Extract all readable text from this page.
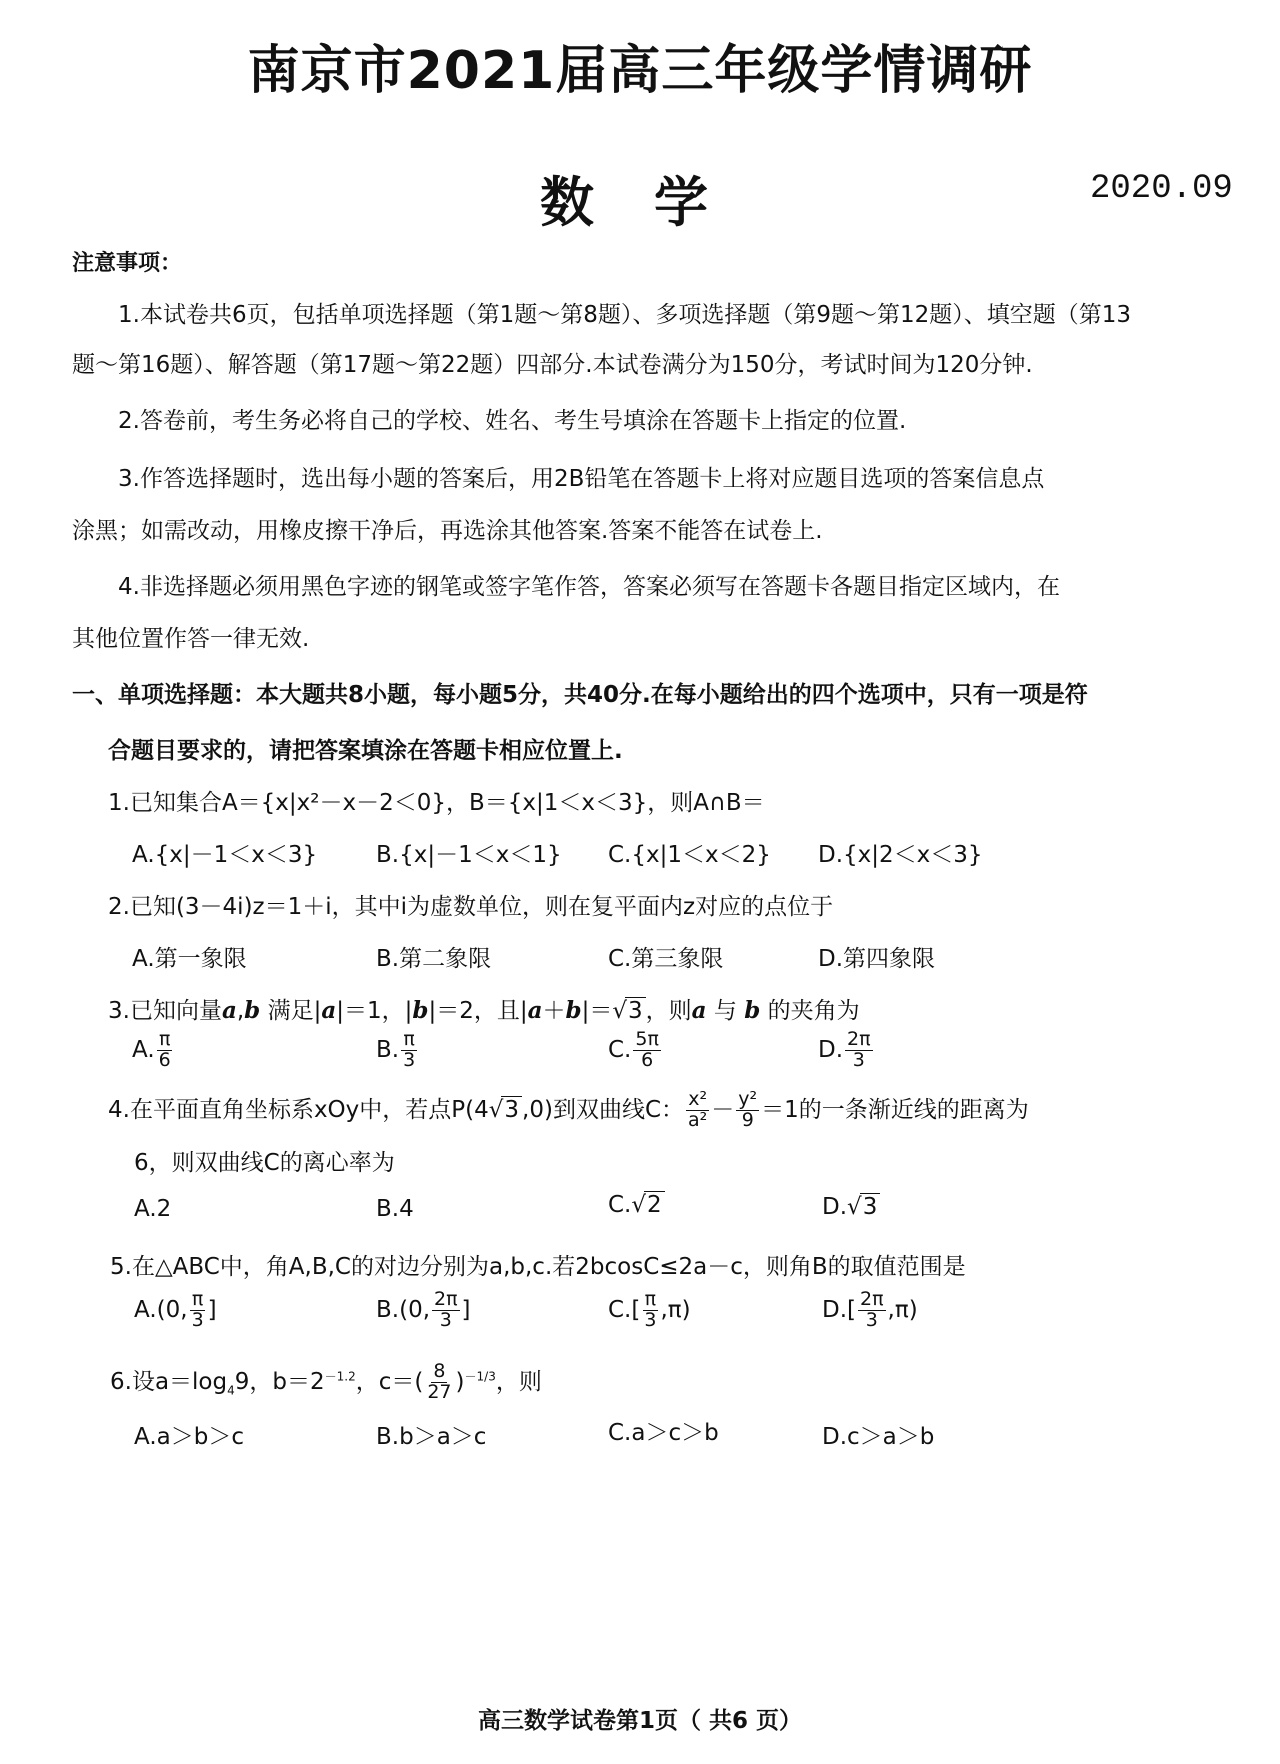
南京市2021届高三年级学情调研
数学	2020.09
注意事项：
1.本试卷共6页，包括单项选择题（第1题～第8题）、多项选择题（第9题～第12题）、填空题（第13
题～第16题）、解答题（第17题～第22题）四部分.本试卷满分为150分，考试时间为120分钟.
2.答卷前，考生务必将自己的学校、姓名、考生号填涂在答题卡上指定的位置.
3.作答选择题时，选出每小题的答案后，用2B铅笔在答题卡上将对应题目选项的答案信息点
涂黑；如需改动，用橡皮擦干净后，再选涂其他答案.答案不能答在试卷上.
4.非选择题必须用黑色字迹的钢笔或签字笔作答，答案必须写在答题卡各题目指定区域内，在
其他位置作答一律无效.
一、单项选择题：本大题共8小题，每小题5分，共40分.在每小题给出的四个选项中，只有一项是符
合题目要求的，请把答案填涂在答题卡相应位置上.
1.已知集合A＝{x|x²－x－2＜0}，B＝{x|1＜x＜3}，则A∩B＝
A.{x|－1＜x＜3}	B.{x|－1＜x＜1} C.{x|1＜x＜2} D.{x|2＜x＜3}
2.已知(3－4i)z＝1＋i，其中i为虚数单位，则在复平面内z对应的点位于
A.第一象限	B.第二象限	C.第三象限	D.第四象限
3.已知向量a,b 满足|a|＝1，|b|＝2，且|a＋b|＝√3 ，则a 与 b 的夹角为
A. $\frac{\pi}{6}$	B. $\frac{\pi}{3}$	C. $\frac{5\pi}{6}$	D. $\frac{2\pi}{3}$
4.在平面直角坐标系xOy中，若点P(4√3 ,0)到双曲线C： $\frac{\text{x²}}{\text{a²}} - \frac{\text{y²}}{9} =1$的一条渐近线的距离为
6，则双曲线C的离心率为
A.2	B.4	C.√2	D.√3
5.在△ABC中，角A,B,C的对边分别为a,b,c.若2bcosC≤2a－c，则角B的取值范围是
A.(0, $\frac{\pi}{3}$ ]	B.(0, $\frac{2\pi}{3}$ ]	$C.[ \frac{\pi}{3} ,\pi)$	$D.[ \frac{2\pi}{3} ,\pi)$
6.设$a=\log_49$，$b=2^{-1.2}$，$c=( \frac{8}{27} )^{-1/3}$，则
A.a＞b＞c	B.b＞a＞c	C.a＞c＞b	D.c＞a＞b
高三数学试卷第1页（ 共6 页）
